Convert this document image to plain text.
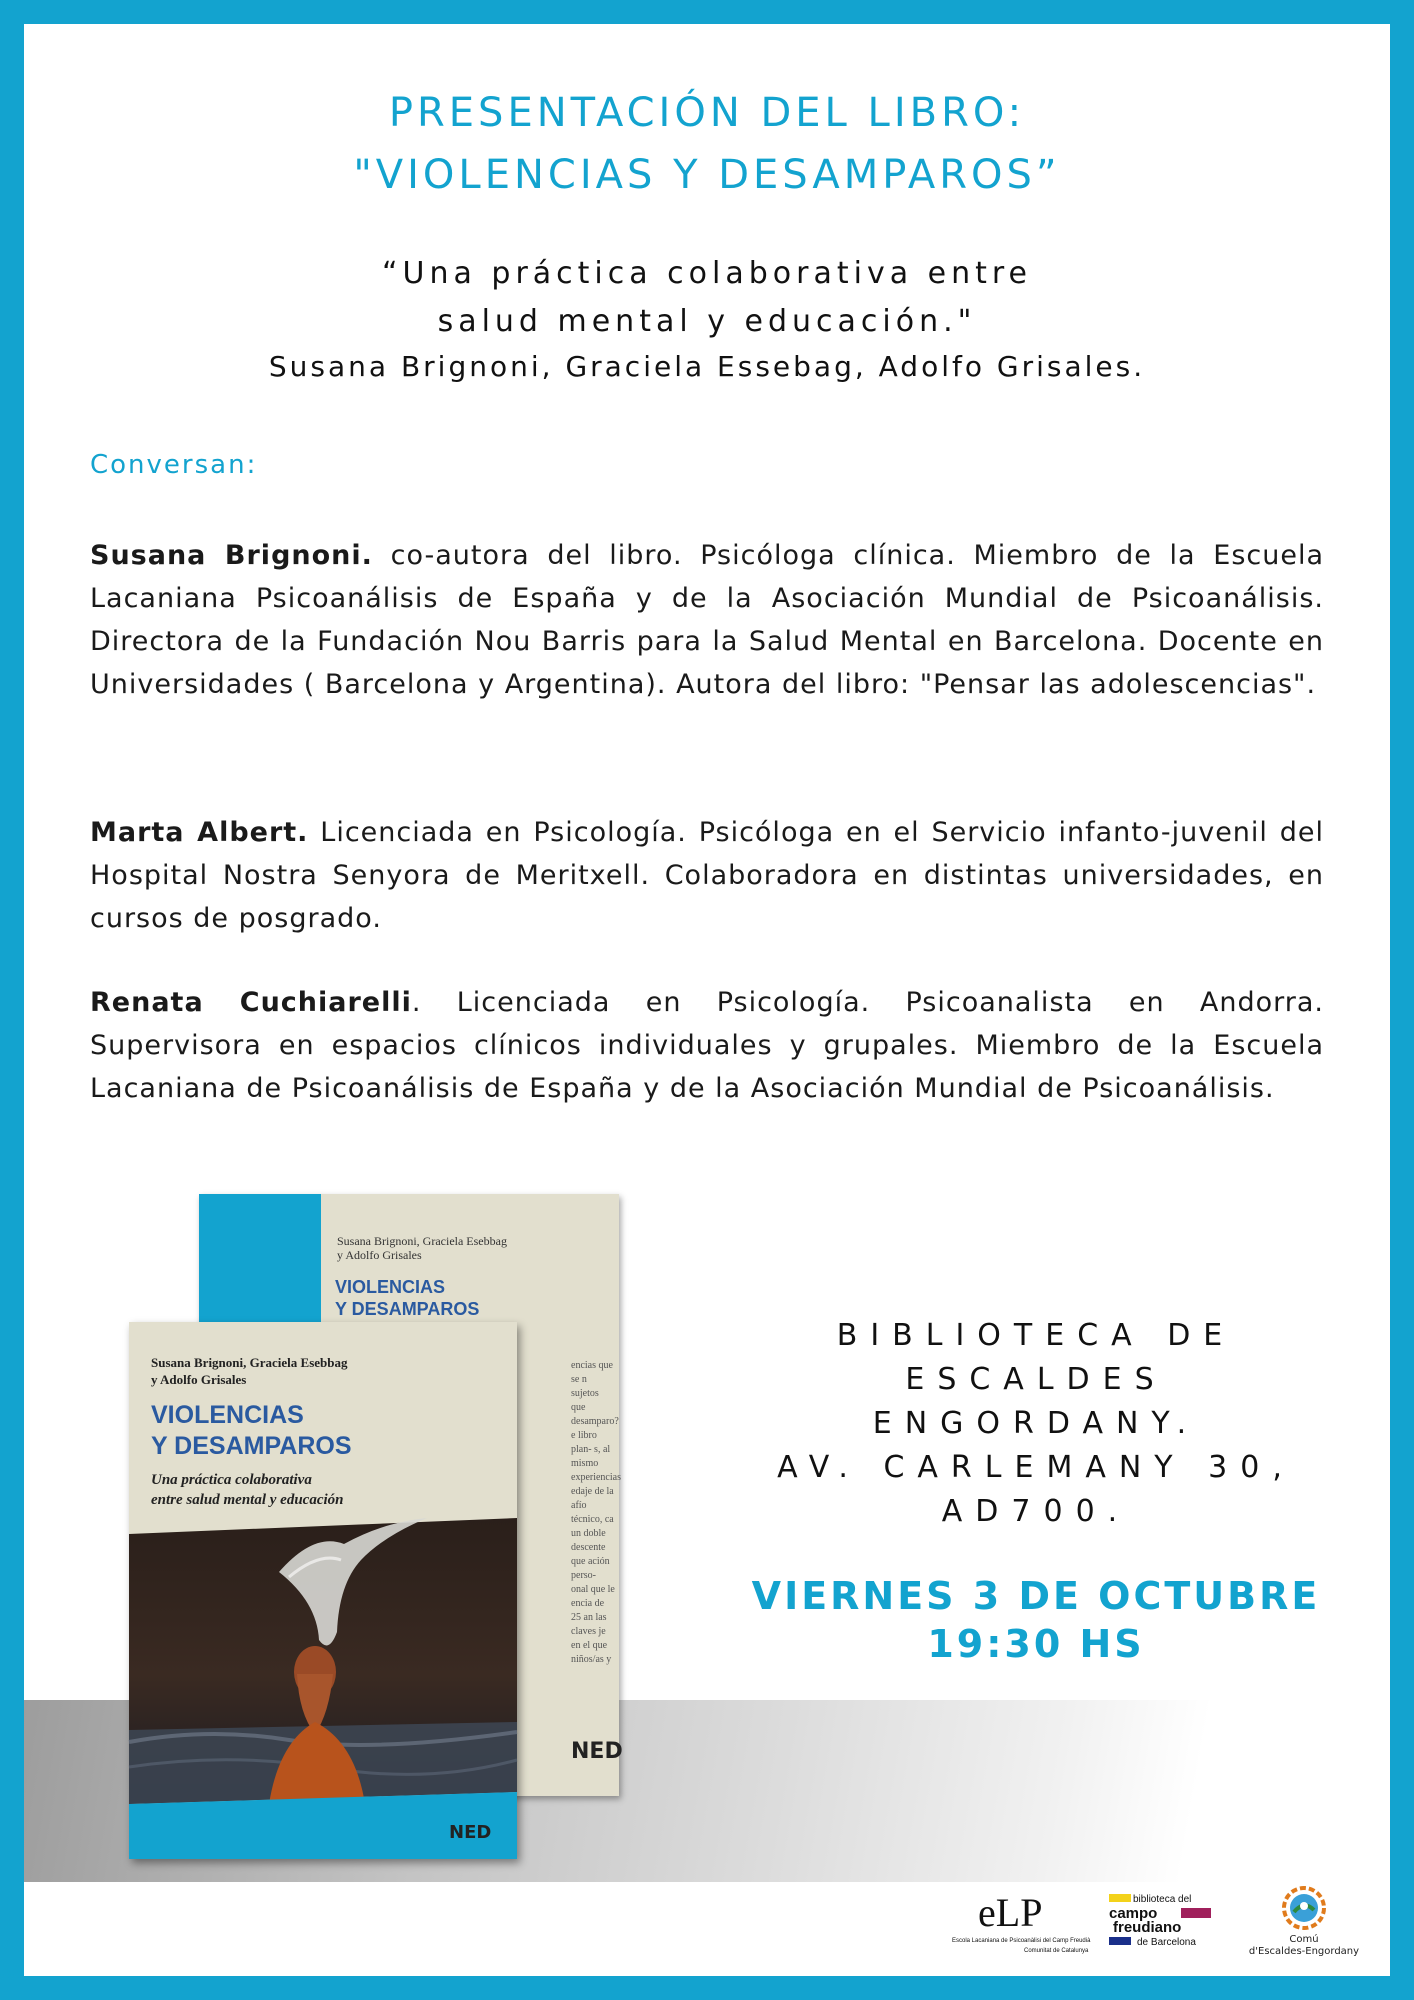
PRESENTACIÓN DEL LIBRO:
"VIOLENCIAS Y DESAMPAROS”
“Una práctica colaborativa entre
salud mental y educación."
Susana Brignoni, Graciela Essebag, Adolfo Grisales.
Conversan:
Susana Brignoni. co-autora del libro. Psicóloga clínica. Miembro de la Escuela Lacaniana Psicoanálisis de España y de la Asociación Mundial de Psicoanálisis. Directora de la Fundación Nou Barris para la Salud Mental en Barcelona. Docente en Universidades ( Barcelona y Argentina). Autora del libro: "Pensar las adolescencias".
Marta Albert. Licenciada en Psicología. Psicóloga en el Servicio infanto-juvenil del Hospital Nostra Senyora de Meritxell. Colaboradora en distintas universidades, en cursos de posgrado.
Renata Cuchiarelli. Licenciada en Psicología. Psicoanalista en Andorra. Supervisora en espacios clínicos individuales y grupales. Miembro de la Escuela Lacaniana de Psicoanálisis de España y de la Asociación Mundial de Psicoanálisis.
Susana Brignoni, Graciela Esebbag
y Adolfo Grisales
VIOLENCIAS
Y DESAMPAROS
encias que se n sujetos que desamparo? e libro plan- s, al mismo experiencias edaje de la afío técnico, ca un doble descente que ación perso- onal que le encia de 25 an las claves je en el que niños/as y
NED
Susana Brignoni, Graciela Esebbag
y Adolfo Grisales
VIOLENCIAS
Y DESAMPAROS
Una práctica colaborativa
entre salud mental y educación
NED
BIBLIOTECA DE
ESCALDES
ENGORDANY.
AV. CARLEMANY 30,
AD700.
VIERNES 3 DE OCTUBRE
19:30 HS
eLP
Escola Lacaniana de Psicoanàlisi del Camp Freudià
Comunitat de Catalunya
biblioteca del
campo
freudiano
de Barcelona	Comú
d'Escaldes-Engordany
